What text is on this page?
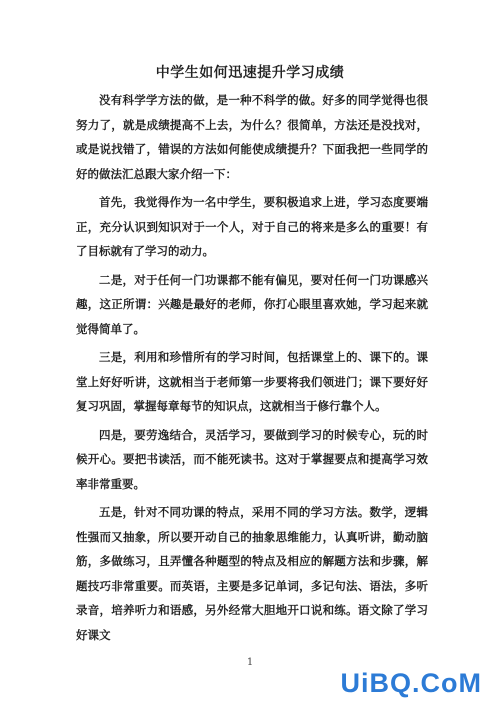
中学生如何迅速提升学习成绩

没有科学学方法的做，是一种不科学的做。好多的同学觉得也很努力了，就是成绩提高不上去，为什么？很简单，方法还是没找对，或是说找错了，错误的方法如何能使成绩提升？下面我把一些同学的好的做法汇总跟大家介绍一下：

首先，我觉得作为一名中学生，要积极追求上进，学习态度要端正，充分认识到知识对于一个人，对于自己的将来是多么的重要！有了目标就有了学习的动力。

二是，对于任何一门功课都不能有偏见，要对任何一门功课感兴趣，这正所谓：兴趣是最好的老师，你打心眼里喜欢她，学习起来就觉得简单了。

三是，利用和珍惜所有的学习时间，包括课堂上的、课下的。课堂上好好听讲，这就相当于老师第一步要将我们领进门；课下要好好复习巩固，掌握每章每节的知识点，这就相当于修行靠个人。

四是，要劳逸结合，灵活学习，要做到学习的时候专心，玩的时候开心。要把书读活，而不能死读书。这对于掌握要点和提高学习效率非常重要。

五是，针对不同功课的特点，采用不同的学习方法。数学，逻辑性强而又抽象，所以要开动自己的抽象思维能力，认真听讲，勤动脑筋，多做练习，且弄懂各种题型的特点及相应的解题方法和步骤，解题技巧非常重要。而英语，主要是多记单词，多记句法、语法，多听录音，培养听力和语感，另外经常大胆地开口说和练。语文除了学习好课文

1
UiBQ.CoM
